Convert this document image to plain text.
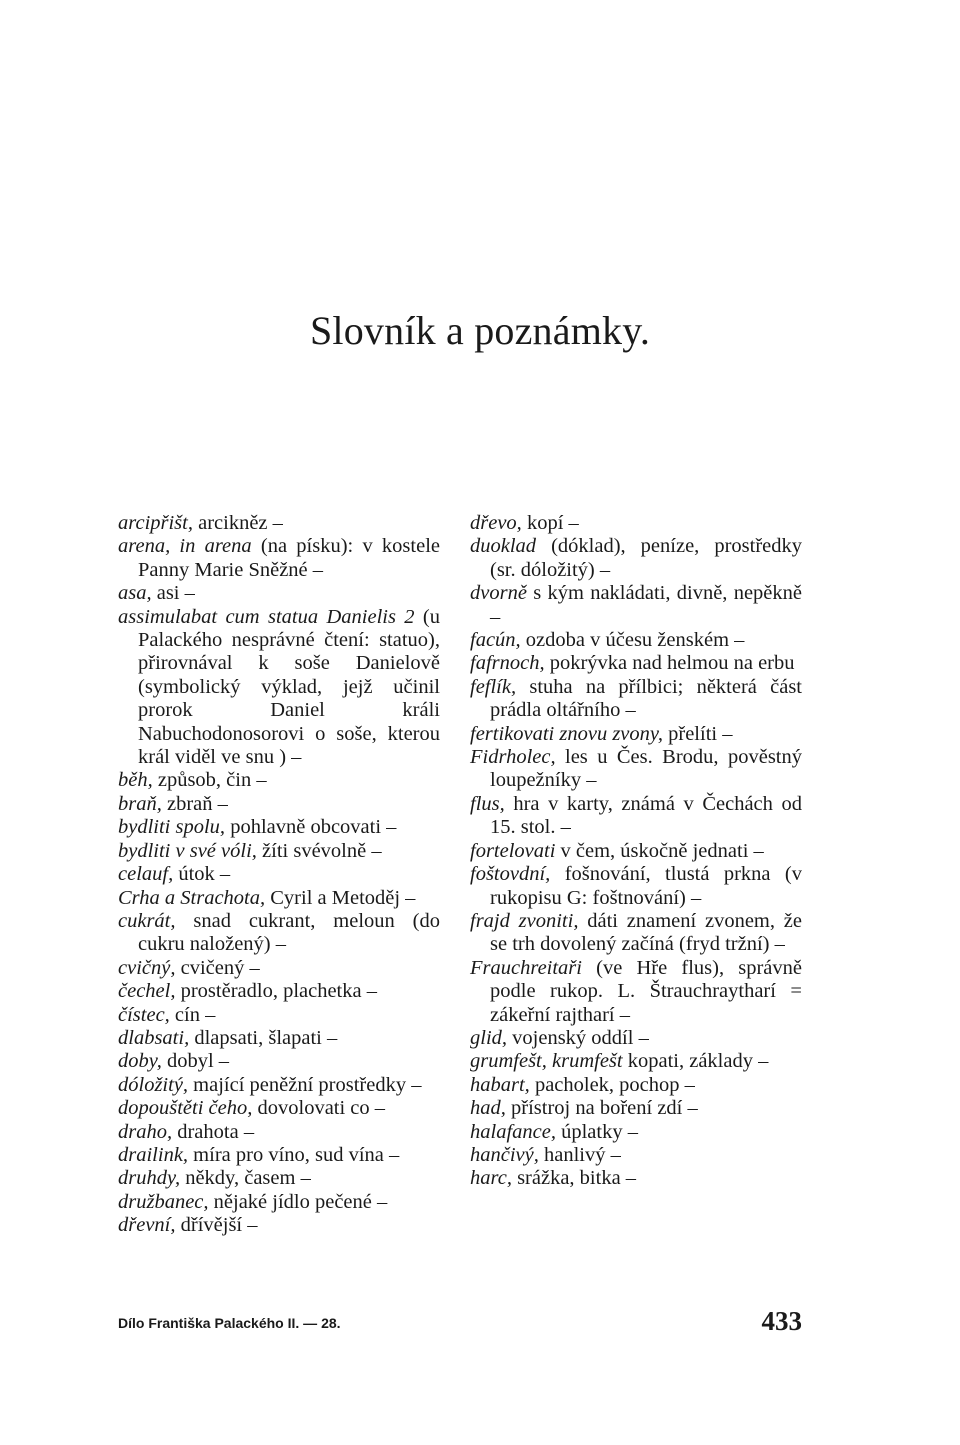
Slovník a poznámky.

arcipřišt, arcikněz –

arena, in arena (na písku): v kostele Panny Marie Sněžné –

asa, asi –

assimulabat cum statua Danielis 2 (u Palackého nesprávné čtení: statuo), přirovnával k soše Danielově (symbolický výklad, jejž učinil prorok Daniel králi Nabuchodonosorovi o soše, kterou král viděl ve snu ) –

běh, způsob, čin –

braň, zbraň –

bydliti spolu, pohlavně obcovati –

bydliti v své vóli, žíti svévolně –

celauf, útok –

Crha a Strachota, Cyril a Metoděj –

cukrát, snad cukrant, meloun (do cukru naložený) –

cvičný, cvičený –

čechel, prostěradlo, plachetka –

čístec, cín –

dlabsati, dlapsati, šlapati –

doby, dobyl –

dóložitý, mající peněžní prostředky –

dopouštěti čeho, dovolovati co –

draho, drahota –

drailink, míra pro víno, sud vína –

druhdy, někdy, časem –

družbanec, nějaké jídlo pečené –

dřevní, dřívější –

dřevo, kopí –

duoklad (dóklad), peníze, prostředky (sr. dóložitý) –

dvorně s kým nakládati, divně, nepěkně –

facún, ozdoba v účesu ženském –

fafrnoch, pokrývka nad helmou na erbu

feflík, stuha na přílbici; některá část prádla oltářního –

fertikovati znovu zvony, přelíti –

Fidrholec, les u Čes. Brodu, pověstný loupežníky –

flus, hra v karty, známá v Čechách od 15. stol. –

fortelovati v čem, úskočně jednati –

foštovdní, fošnování, tlustá prkna (v rukopisu G: foštnování) –

frajd zvoniti, dáti znamení zvonem, že se trh dovolený začíná (fryd tržní) –

Frauchreitaři (ve Hře flus), správně podle rukop. L. Štrauchraytharí = zákeřní rajtharí –

glid, vojenský oddíl –

grumfešt, krumfešt kopati, základy –

habart, pacholek, pochop –

had, přístroj na boření zdí –

halafance, úplatky –

hančivý, hanlivý –

harc, srážka, bitka –

Dílo Františka Palackého II. — 28.	433
